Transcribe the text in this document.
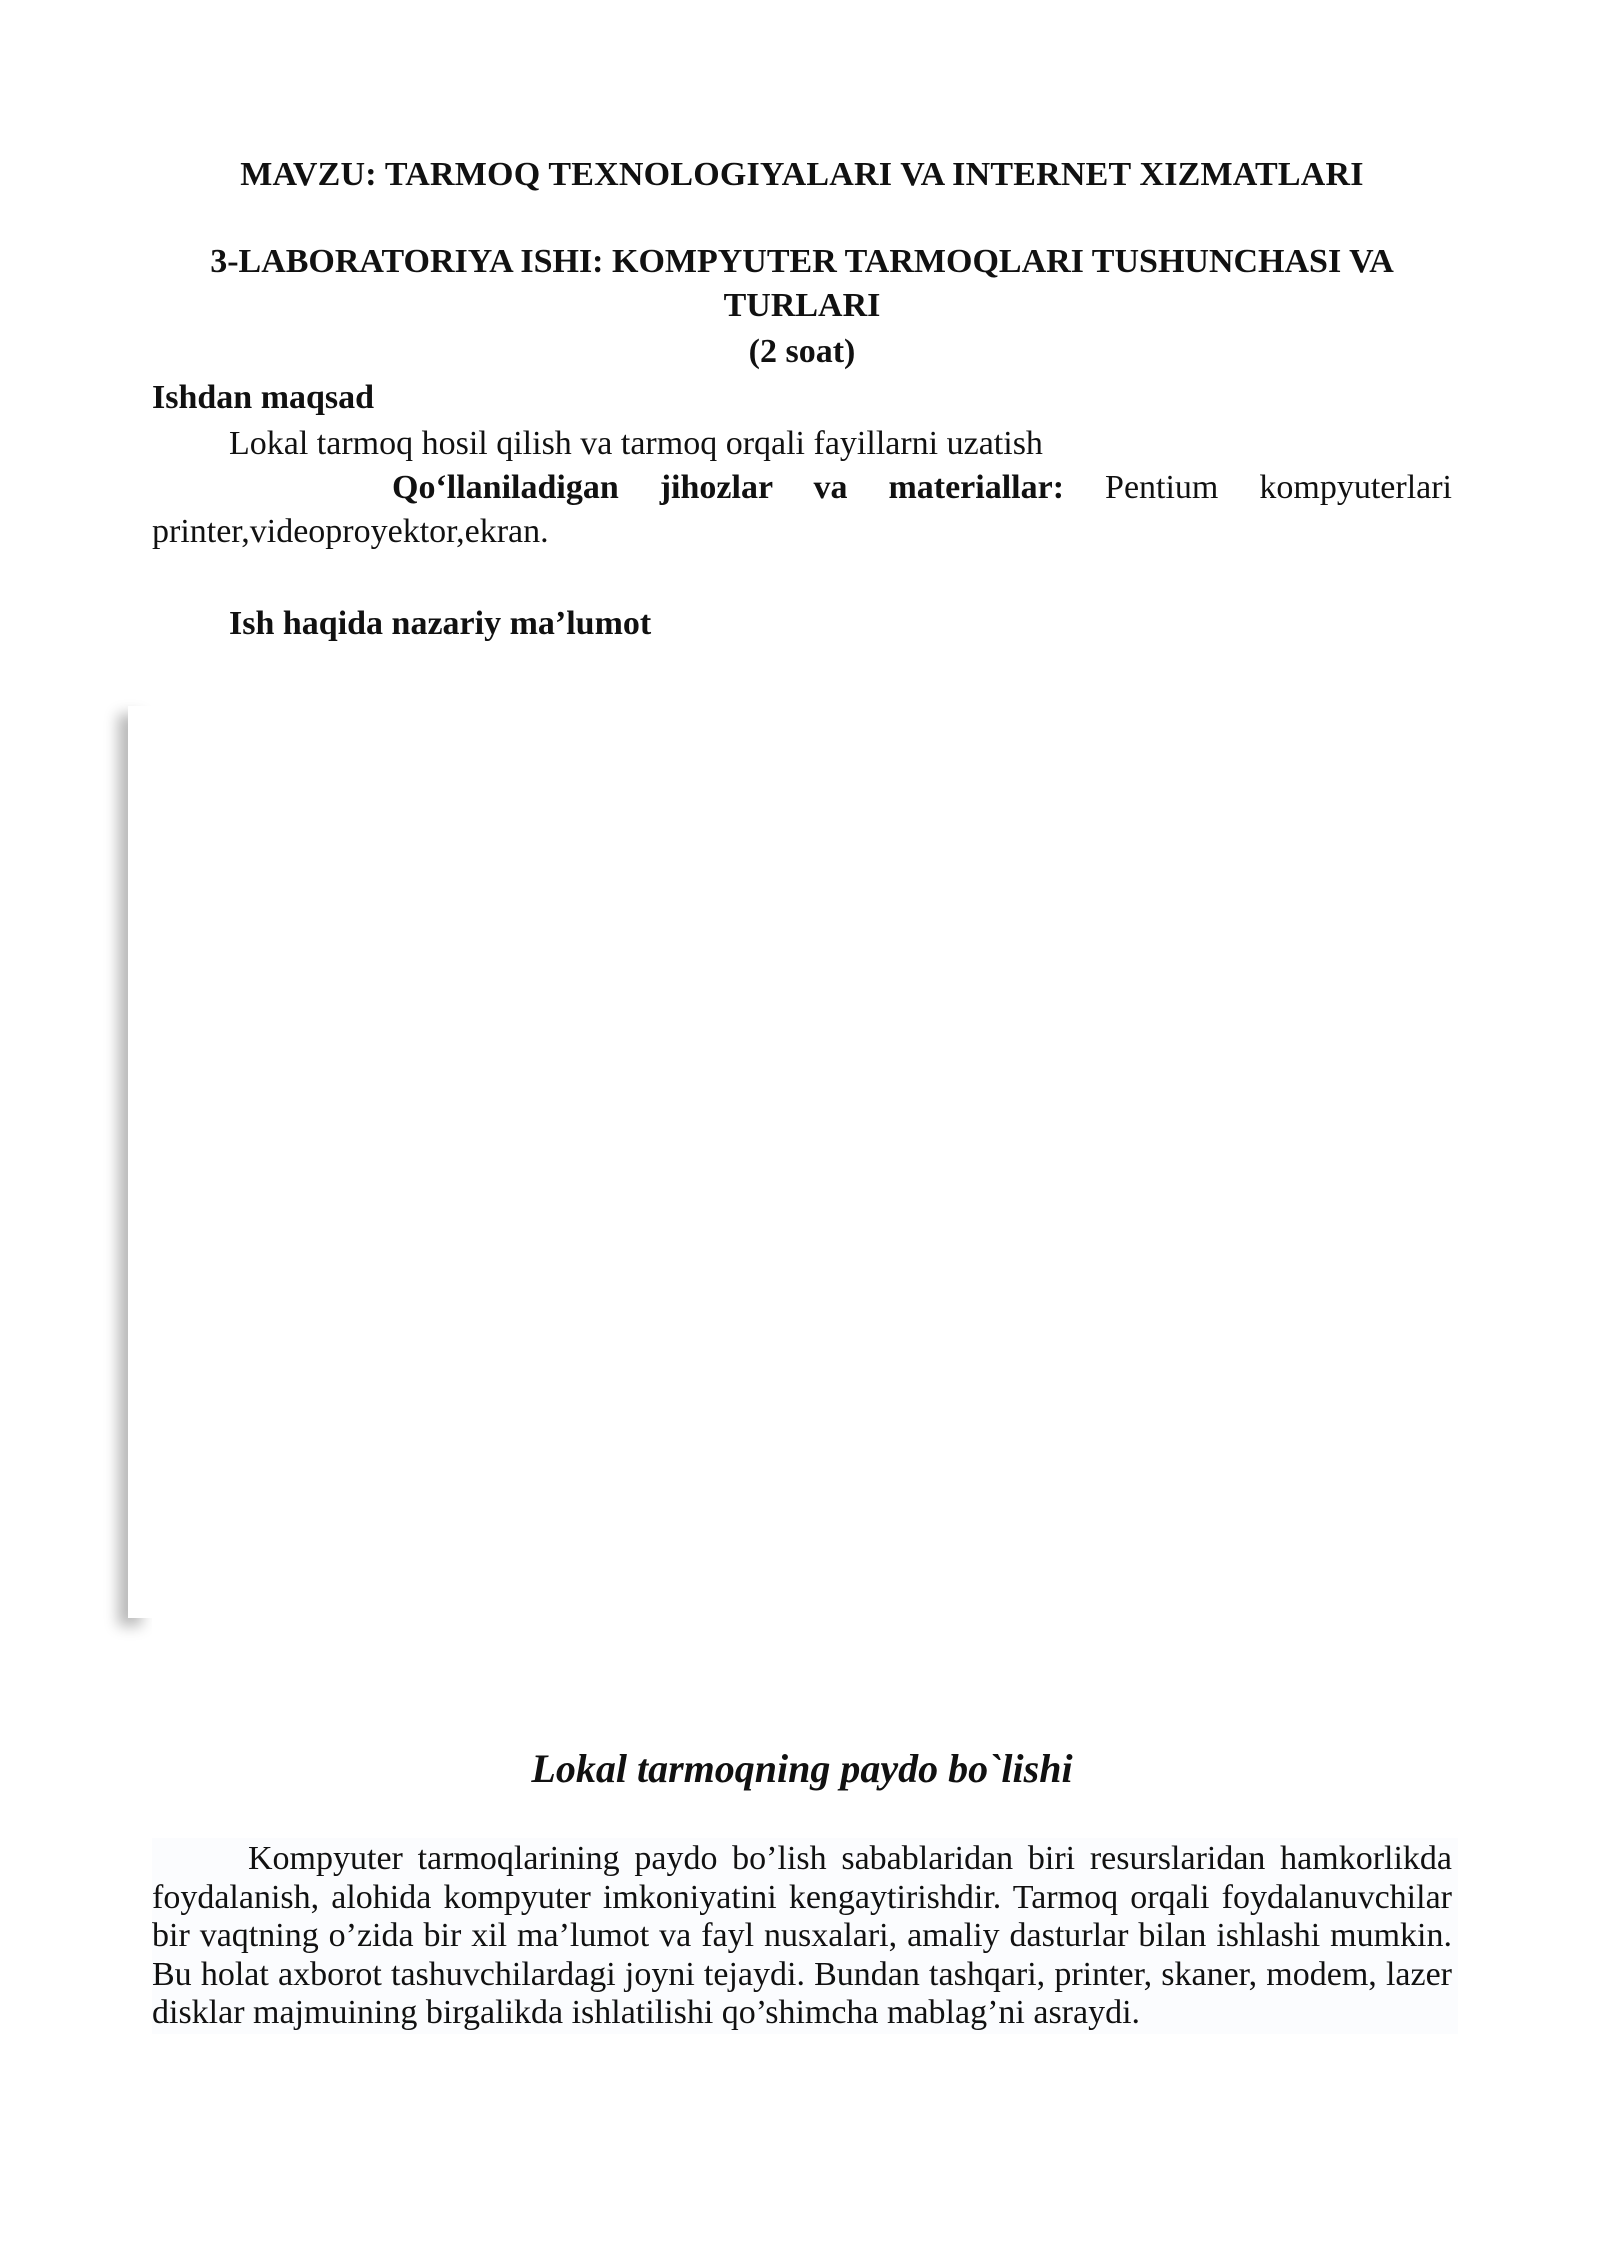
MAVZU: TARMOQ TEXNOLOGIYALARI VA INTERNET XIZMATLARI
3-LABORATORIYA ISHI: KOMPYUTER TARMOQLARI TUSHUNCHASI VA TURLARI
(2 soat)
Ishdan maqsad
Lokal tarmoq hosil qilish va tarmoq orqali fayillarni uzatish
Qo‘llaniladigan jihozlar va materiallar: Pentium kompyuterlari printer,videoproyektor,ekran.
Ish haqida nazariy ma’lumot
Lokal tarmoqning paydo bo`lishi

Kompyuter tarmoqlarining paydo bo’lish sabablaridan biri resurslaridan hamkorlikda foydalanish, alohida kompyuter imkoniyatini kengaytirishdir. Tarmoq orqali foydalanuvchilar bir vaqtning o’zida bir xil ma’lumot va fayl nusxalari, amaliy dasturlar bilan ishlashi mumkin. Bu holat axborot tashuvchilardagi joyni tejaydi. Bundan tashqari, printer, skaner, modem, lazer disklar majmuining birgalikda ishlatilishi qo’shimcha mablag’ni asraydi.
